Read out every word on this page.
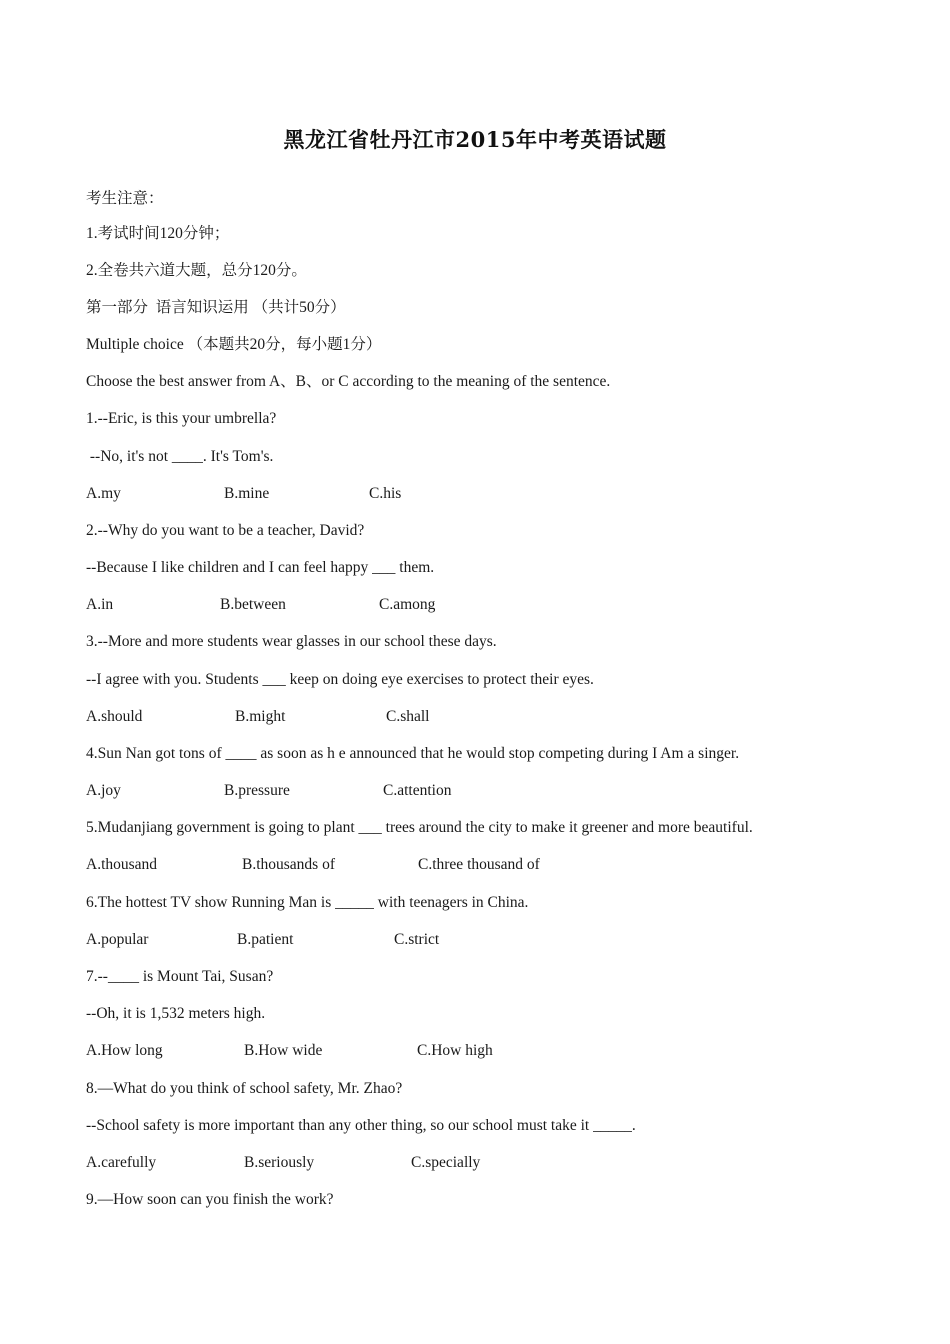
黑龙江省牡丹江市2015年中考英语试题
考生注意：
1.考试时间120分钟；
2.全卷共六道大题，总分120分。
第一部分  语言知识运用 （共计50分）
Multiple choice （本题共20分，每小题1分）
Choose the best answer from A、B、or C according to the meaning of the sentence.
1.--Eric, is this your umbrella?
--No, it's not ____. It's Tom's.
A.my	B.mine	C.his
2.--Why do you want to be a teacher, David?
--Because I like children and I can feel happy ___ them.
A.in	B.between	C.among
3.--More and more students wear glasses in our school these days.
--I agree with you. Students ___ keep on doing eye exercises to protect their eyes.
A.should	B.might	C.shall
4.Sun Nan got tons of ____ as soon as h e announced that he would stop competing during I Am a singer.
A.joy	B.pressure	C.attention
5.Mudanjiang government is going to plant ___ trees around the city to make it greener and more beautiful.
A.thousand	B.thousands of	C.three thousand of
6.The hottest TV show Running Man is _____ with teenagers in China.
A.popular	B.patient	C.strict
7.--____ is Mount Tai, Susan?
--Oh, it is 1,532 meters high.
A.How long	B.How wide	C.How high
8.—What do you think of school safety, Mr. Zhao?
--School safety is more important than any other thing, so our school must take it _____.
A.carefully	B.seriously	C.specially
9.—How soon can you finish the work?
